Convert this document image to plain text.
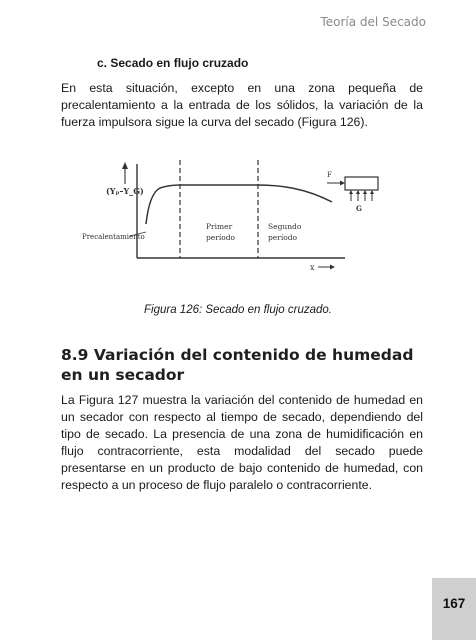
Teoría del Secado
c. Secado en flujo cruzado

En esta situación, excepto en una zona pequeña de precalentamiento a la entrada de los sólidos, la variación de la fuerza impulsora sigue la curva del secado (Figura 126).

(Yₚ–Y_G)
Precalentamiento
Primer
período
Segundo
período
x
F
G
Figura 126: Secado en flujo cruzado.
8.9 Variación del contenido de humedad en un secador

La Figura 127 muestra la variación del contenido de humedad en un secador con respecto al tiempo de secado, dependiendo del tipo de secado. La presencia de una zona de humidificación en flujo contracorriente, esta modalidad del secado puede presentarse en un producto de bajo contenido de humedad, con respecto a un proceso de flujo paralelo o contracorriente.

167
